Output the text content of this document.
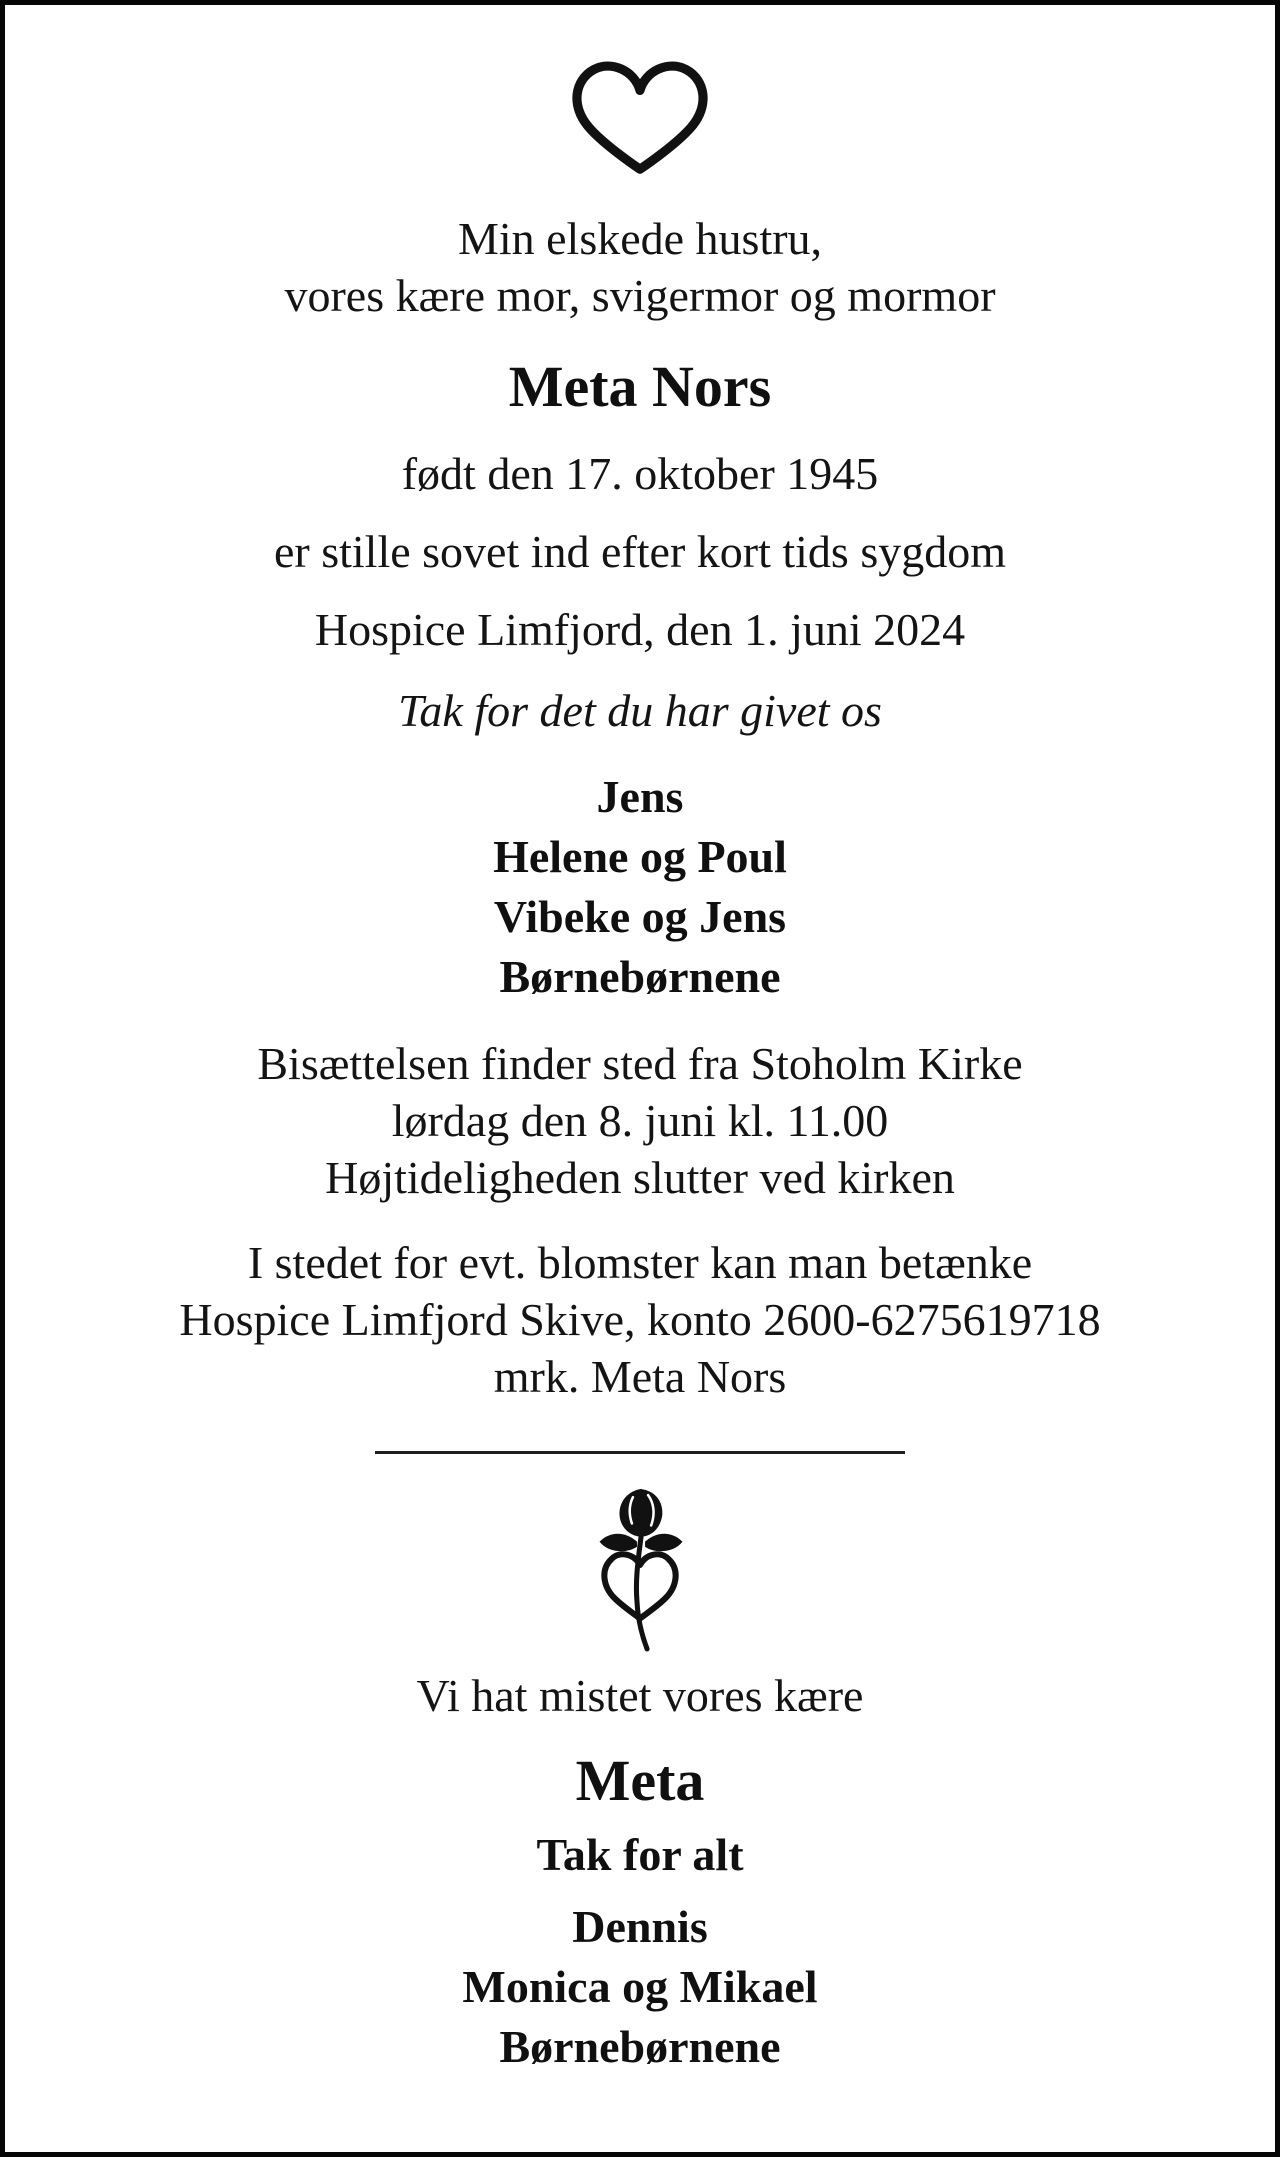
Min elskede hustru,
vores kære mor, svigermor og mormor
Meta Nors
født den 17. oktober 1945
er stille sovet ind efter kort tids sygdom
Hospice Limfjord, den 1. juni 2024
Tak for det du har givet os
Jens
Helene og Poul
Vibeke og Jens
Børnebørnene
Bisættelsen finder sted fra Stoholm Kirke
lørdag den 8. juni kl. 11.00
Højtideligheden slutter ved kirken
I stedet for evt. blomster kan man betænke
Hospice Limfjord Skive, konto 2600-6275619718
mrk. Meta Nors
Vi hat mistet vores kære
Meta
Tak for alt
Dennis
Monica og Mikael
Børnebørnene
